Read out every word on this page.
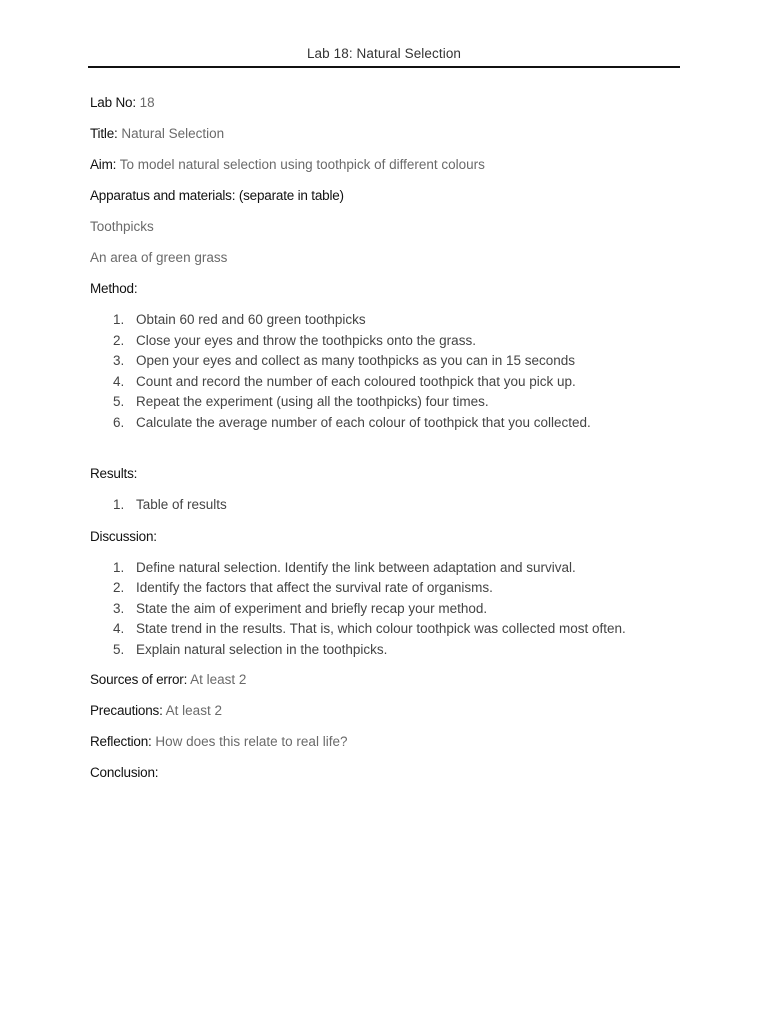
Lab 18: Natural Selection

Lab No: 18

Title: Natural Selection

Aim: To model natural selection using toothpick of different colours

Apparatus and materials: (separate in table)

Toothpicks

An area of green grass

Method:

1. Obtain 60 red and 60 green toothpicks
2. Close your eyes and throw the toothpicks onto the grass.
3. Open your eyes and collect as many toothpicks as you can in 15 seconds
4. Count and record the number of each coloured toothpick that you pick up.
5. Repeat the experiment (using all the toothpicks) four times.
6. Calculate the average number of each colour of toothpick that you collected.

Results:

1. Table of results

Discussion:

1. Define natural selection. Identify the link between adaptation and survival.
2. Identify the factors that affect the survival rate of organisms.
3. State the aim of experiment and briefly recap your method.
4. State trend in the results. That is, which colour toothpick was collected most often.
5. Explain natural selection in the toothpicks.

Sources of error: At least 2

Precautions: At least 2

Reflection: How does this relate to real life?

Conclusion:
